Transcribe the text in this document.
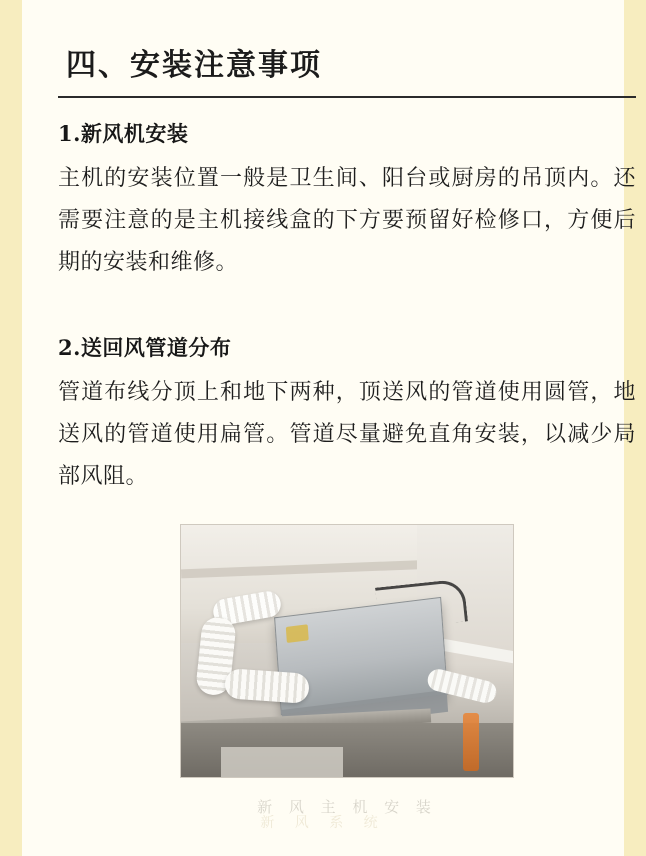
四、安装注意事项
1.新风机安装

主机的安装位置一般是卫生间、阳台或厨房的吊顶内。还需要注意的是主机接线盒的下方要预留好检修口，方便后期的安装和维修。

2.送回风管道分布

管道布线分顶上和地下两种，顶送风的管道使用圆管，地送风的管道使用扁管。管道尽量避免直角安装，以减少局部风阻。

新 风 主 机 安 装
新 风 系 统
